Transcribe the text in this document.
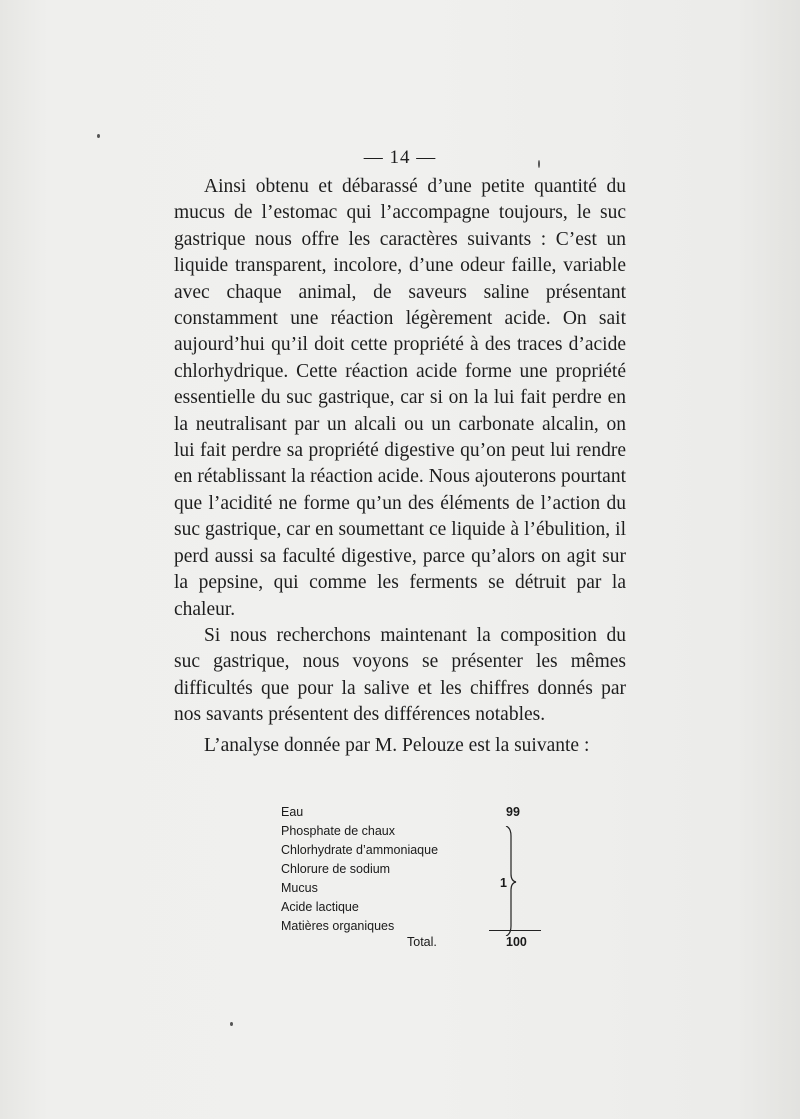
— 14 —

Ainsi obtenu et débarassé d’une petite quantité du mucus de l’estomac qui l’accompagne toujours, le suc gastrique nous offre les caractères suivants : C’est un liquide transparent, incolore, d’une odeur faille, variable avec chaque animal, de saveurs saline présentant constamment une réaction légèrement acide. On sait aujourd’hui qu’il doit cette propriété à des traces d’acide chlorhydrique. Cette réaction acide forme une propriété essentielle du suc gastrique, car si on la lui fait perdre en la neutralisant par un alcali ou un carbonate alcalin, on lui fait perdre sa propriété digestive qu’on peut lui rendre en rétablissant la réaction acide. Nous ajouterons pourtant que l’acidité ne forme qu’un des éléments de l’action du suc gastrique, car en soumettant ce liquide à l’ébulition, il perd aussi sa faculté digestive, parce qu’alors on agit sur la pepsine, qui comme les ferments se détruit par la chaleur.

Si nous recherchons maintenant la composition du suc gastrique, nous voyons se présenter les mêmes difficultés que pour la salive et les chiffres donnés par nos savants présentent des différences notables.

L’analyse donnée par M. Pelouze est la suivante :

Eau	99
Phosphate de chaux
Chlorhydrate d’ammoniaque
Chlorure de sodium
Mucus	1
Acide lactique
Matières organiques
Total.	100
